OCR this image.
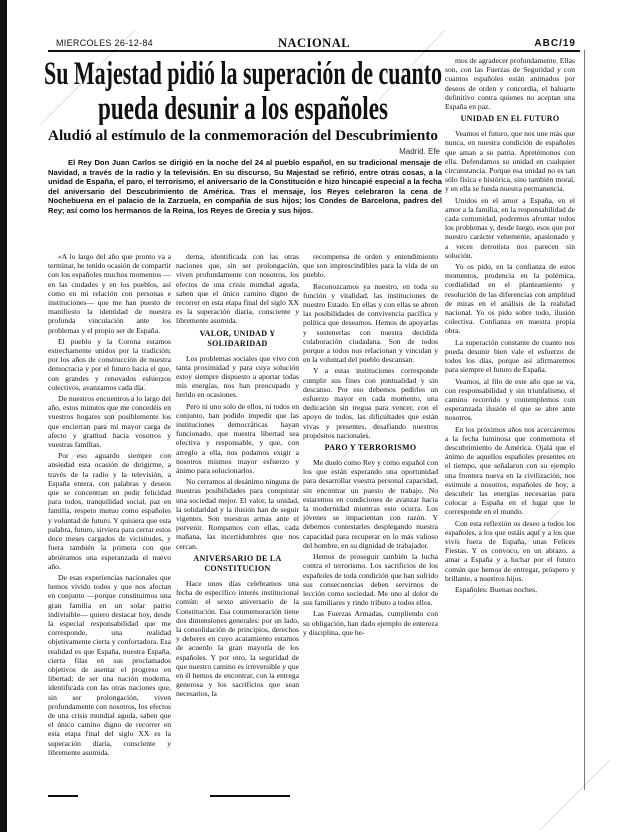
MIERCOLES 26-12-84	NACIONAL	ABC/19
Su Majestad pidió la superación de cuanto
pueda desunir a los españoles
Aludió al estímulo de la conmemoración del Descubrimiento
Madrid. Efe
El Rey Don Juan Carlos se dirigió en la noche del 24 al pueblo español, en su tradicional mensaje de Navidad, a través de la radio y la televisión. En su discurso, Su Majestad se refirió, entre otras cosas, a la unidad de España, el paro, el terrorismo, el aniversario de la Constitución e hizo hincapié especial a la fecha del aniversario del Descubrimiento de América. Tras el mensaje, los Reyes celebraron la cena de Nochebuena en el palacio de la Zarzuela, en compañía de sus hijos; los Condes de Barcelona, padres del Rey; así como los hermanos de la Reina, los Reyes de Grecia y sus hijos.

«A lo largo del año que pronto va a terminar, he tenido ocasión de compartir con los españoles muchos momentos —en las ciudades y en los pueblos, así como en mi relación con personas e instituciones— que me han puesto de manifiesto la identidad de nuestra profunda vinculación ante los problemas y el propio ser de España.

El pueblo y la Corona estamos estrechamente unidos por la tradición; por los años de construcción de nuestra democracia y por el futuro hacia el que, con grandes y renovados esfuerzos colectivos, avanzamos cada día.

De nuestros encuentros a lo largo del año, estos minutos que me concedéis en vuestros hogares son posiblemente los que encierran para mí mayor carga de afecto y gratitud hacia vosotros y vuestras familias.

Por eso aguardo siempre con ansiedad esta ocasión de dirigirme, a través de la radio y la televisión, a España entera, con palabras y deseos que se concentran en pedir felicidad para todos, tranquilidad social, paz en familia, respeto mutuo como españoles y voluntad de futuro. Y quisiera que esta palabra, futuro, sirviera para cerrar estos doce meses cargados de vicisitudes, y fuera también la primera con que abriéramos una esperanzada el nuevo año.

De esas experiencias nacionales que hemos vivido todos y que nos afectan en conjunto —porque constituimos una gran familia en un solar patrio indivisible— quiero destacar hoy, desde la especial responsabilidad que me corresponde, una realidad objetivamente cierta y confortadora. Esa realidad es que España, nuestra España, cierra filas en sus proclamados objetivos de asentar el progreso en libertad; de ser una nación moderna, identificada con las otras naciones que, sin ser prolongación, viven profundamente con nosotros, los efectos de una crisis mundial aguda, saben que el único camino digno de recorrer en esta etapa final del siglo XX es la superación diaria, consciente y libremente asumida.

derna, identificada con las otras naciones que, sin ser prolongación, viven profundamente con nosotros, los efectos de una crisis mundial aguda, saben que el único camino digno de recorrer en esta etapa final del siglo XX es la superación diaria, consciente y libremente asumida.

VALOR, UNIDAD Y SOLIDARIDAD

Los problemas sociales que vivo con tanta proximidad y para cuya solución estoy siempre dispuesto a aportar todas mis energías, nos han preocupado y herido en ocasiones.

Pero ni uno solo de ellos, ni todos en conjunto, han podido impedir que las instituciones democráticas hayan funcionado, que nuestra libertad sea efectiva y responsable, y que, con arreglo a ella, nos podamos exigir a nosotros mismos mayor esfuerzo y ánimo para solucionarlos.

No cerramos al desánimo ninguna de nuestras posibilidades para conquistar una sociedad mejor. El valor, la unidad, la solidaridad y la ilusión han de seguir vigentes. Son nuestras armas ante el porvenir. Rompamos con ellas, cada mañana, las incertidumbres que nos cercan.

ANIVERSARIO DE LA CONSTITUCION

Hace unos días celebramos una fecha de específico interés institucional común: el sexto aniversario de la Constitución. Esa conmemoración tiene dos dimensiones generales: por un lado, la consolidación de principios, derechos y deberes en cuyo acatamiento estamos de acuerdo la gran mayoría de los españoles. Y por otro, la seguridad de que nuestro camino es irreversible y que en él hemos de encontrar, con la entrega generosa y los sacrificios que sean necesarios, la

recompensa de orden y entendimiento que son imprescindibles para la vida de un pueblo.

Reconozcamos ya nuestro, en toda su función y vitalidad, las instituciones de nuestro Estado. En ellas y con ellas se abren las posibilidades de convivencia pacífica y política que deseamos. Hemos de apoyarlas y sostenerlas con nuestra decidida colaboración ciudadana. Son de todos porque a todos nos relacionan y vinculan y en la voluntad del pueblo descansan.

Y a estas instituciones corresponde cumplir sus fines con puntualidad y sin descanso. Por eso debemos pedirles un esfuerzo mayor en cada momento, una dedicación sin tregua para vencer, con el apoyo de todos, las dificultades que están vivas y presentes, desafiando nuestros propósitos nacionales.

PARO Y TERRORISMO

Me duelo como Rey y como español con los que están esperando una oportunidad para desarrollar vuestra personal capacidad, sin encontrar un puesto de trabajo. No estaremos en condiciones de avanzar hacia la modernidad mientras esto ocurra. Los jóvenes se impacientan con razón. Y debemos contestarles desplegando nuestra capacidad para recuperar en lo más valioso del hombre, en su dignidad de trabajador.

Hemos de proseguir también la lucha contra el terrorismo. Los sacrificios de los españoles de toda condición que han sufrido sus consecuencias deben servirnos de lección como sociedad. Me uno al dolor de sus familiares y rindo tributo a todos ellos.

Las Fuerzas Armadas, cumpliendo con su obligación, han dado ejemplo de entereza y disciplina, que he-

mos de agradecer profundamente. Ellas son, con las Fuerzas de Seguridad y con cuantos españoles están animados por deseos de orden y concordia, el baluarte definitivo contra quienes no aceptan una España en paz.

UNIDAD EN EL FUTURO

Veamos el futuro, que nos une más que nunca, en nuestra condición de españoles que aman a su patria. Apretémonos con ella. Defendamos su unidad en cualquier circunstancia. Porque esa unidad no es tan sólo física e histórica, sino también moral, y en ella se funda nuestra permanencia.

Unidos en el amor a España, en el amor a la familia, en la responsabilidad de cada comunidad, podremos afrontar todos los problemas y, desde luego, esos que por nuestro carácter vehemente, apasionado y a veces derrotista nos parecen sin solución.

Yo os pido, en la confianza de estos momentos, prudencia en la polémica, cordialidad en el planteamiento y resolución de las diferencias con amplitud de miras en el análisis de la realidad nacional. Yo os pido sobre todo, ilusión colectiva. Confianza en nuestra propia obra.

La superación constante de cuanto nos pueda desunir bien vale el esfuerzo de todos los días, porque así afirmaremos para siempre el futuro de España.

Veamos, al filo de este año que se va, con responsabilidad y sin triunfalismo, el camino recorrido y contemplemos con esperanzada ilusión el que se abre ante nosotros.

En los próximos años nos acercaremos a la fecha luminosa que conmemora el descubrimiento de América. Ojalá que el ánimo de aquellos españoles presentes en el tiempo, que señalaron con su ejemplo una frontera nueva en la civilización, nos estimule a nosotros, españoles de hoy, a descubrir las energías necesarias para colocar a España en el lugar que le corresponde en el mundo.

Con esta reflexión os deseo a todos los españoles, a los que estáis aquí y a los que vivís fuera de España, unas Felices Fiestas. Y os convoco, en un abrazo, a amar a España y a luchar por el futuro común que hemos de entregar, próspero y brillante, a nuestros hijos.

Españoles: Buenas noches,
